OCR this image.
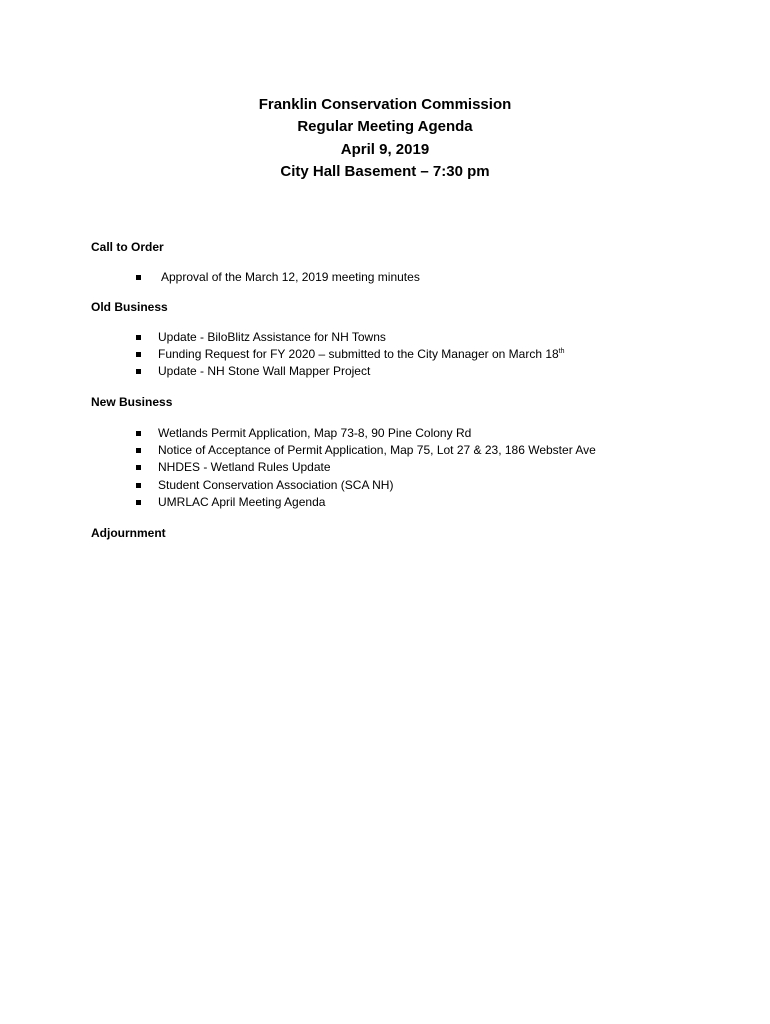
Franklin Conservation Commission
Regular Meeting Agenda
April 9, 2019
City Hall Basement – 7:30 pm
Call to Order
Approval of the March 12, 2019 meeting minutes
Old Business
Update - BiloBlitz Assistance for NH Towns
Funding Request for FY 2020 – submitted to the City Manager on March 18th
Update - NH Stone Wall Mapper Project
New Business
Wetlands Permit Application, Map 73-8, 90 Pine Colony Rd
Notice of Acceptance of Permit Application, Map 75, Lot 27 & 23, 186 Webster Ave
NHDES - Wetland Rules Update
Student Conservation Association (SCA NH)
UMRLAC April Meeting Agenda
Adjournment
